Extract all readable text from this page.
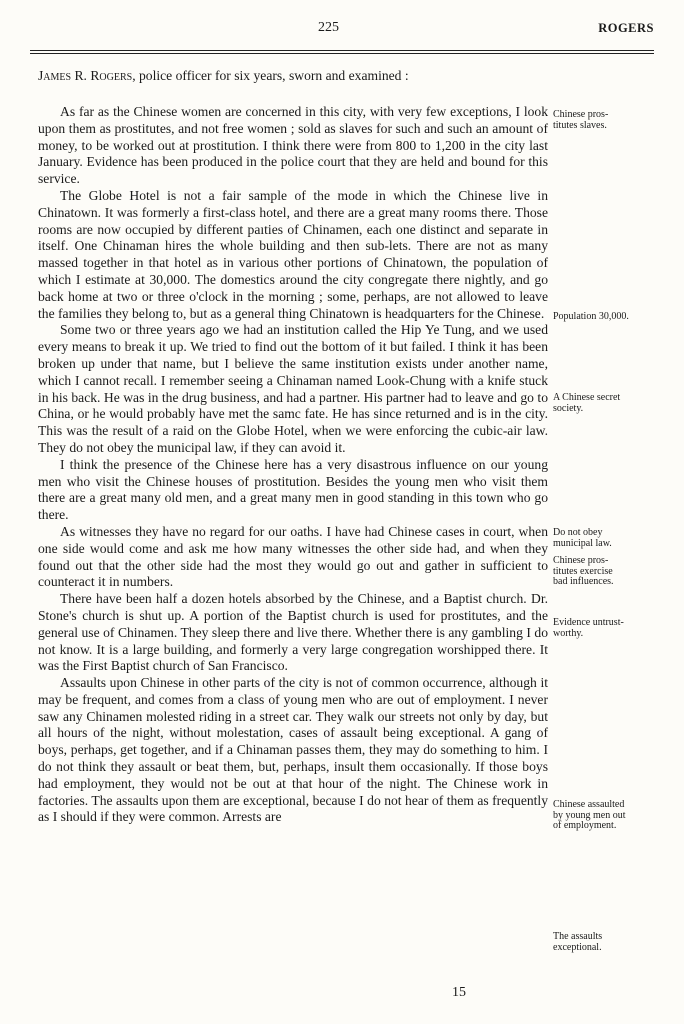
225	ROGERS
James R. Rogers, police officer for six years, sworn and examined :

As far as the Chinese women are concerned in this city, with very few exceptions, I look upon them as prostitutes, and not free women ; sold as slaves for such and such an amount of money, to be worked out at prostitution. I think there were from 800 to 1,200 in the city last January. Evidence has been produced in the police court that they are held and bound for this service.

The Globe Hotel is not a fair sample of the mode in which the Chinese live in Chinatown. It was formerly a first-class hotel, and there are a great many rooms there. Those rooms are now occupied by different paıties of Chinamen, each one distinct and separate in itself. One Chinaman hires the whole building and then sub-lets. There are not as many massed together in that hotel as in various other portions of Chinatown, the population of which I estimate at 30,000. The domestics around the city congregate there nightly, and go back home at two or three o'clock in the morning ; some, perhaps, are not allowed to leave the families they belong to, but as a general thing Chinatown is headquarters for the Chinese.

Some two or three years ago we had an institution called the Hip Ye Tung, and we used every means to break it up. We tried to find out the bottom of it but failed. I think it has been broken up under that name, but I believe the same institution exists under another name, which I cannot recall. I remember seeing a Chinaman named Look-Chung with a knife stuck in his back. He was in the drug business, and had a partner. His partner had to leave and go to China, or he would probably have met the samc fate. He has since returned and is in the city. This was the result of a raid on the Globe Hotel, when we were enforcing the cubic-air law. They do not obey the municipal law, if they can avoid it.

I think the presence of the Chinese here has a very disastrous influence on our young men who visit the Chinese houses of prostitution. Besides the young men who visit them there are a great many old men, and a great many men in good standing in this town who go there.

As witnesses they have no regard for our oaths. I have had Chinese cases in court, when one side would come and ask me how many witnesses the other side had, and when they found out that the other side had the most they would go out and gather in sufficient to counteract it in numbers.

There have been half a dozen hotels absorbed by the Chinese, and a Baptist church. Dr. Stone's church is shut up. A portion of the Baptist church is used for prostitutes, and the general use of Chinamen. They sleep there and live there. Whether there is any gambling I do not know. It is a large building, and formerly a very large congregation worshipped there. It was the First Baptist church of San Francisco.

Assaults upon Chinese in other parts of the city is not of common occurrence, although it may be frequent, and comes from a class of young men who are out of employment. I never saw any Chinamen molested riding in a street car. They walk our streets not only by day, but all hours of the night, without molestation, cases of assault being exceptional. A gang of boys, perhaps, get together, and if a Chinaman passes them, they may do something to him. I do not think they assault or beat them, but, perhaps, insult them occasionally. If those boys had employment, they would not be out at that hour of the night. The Chinese work in factories. The assaults upon them are exceptional, because I do not hear of them as frequently as I should if they were common. Arrests are

Chinese pros-
titutes slaves.
Population 30,000.
A Chinese secret
society.
Do not obey
municipal law.
Chinese pros-
titutes exercise
bad influences.
Evidence untrust-
worthy.
Chinese assaulted
by young men out
of employment.
The assaults
exceptional.
15
